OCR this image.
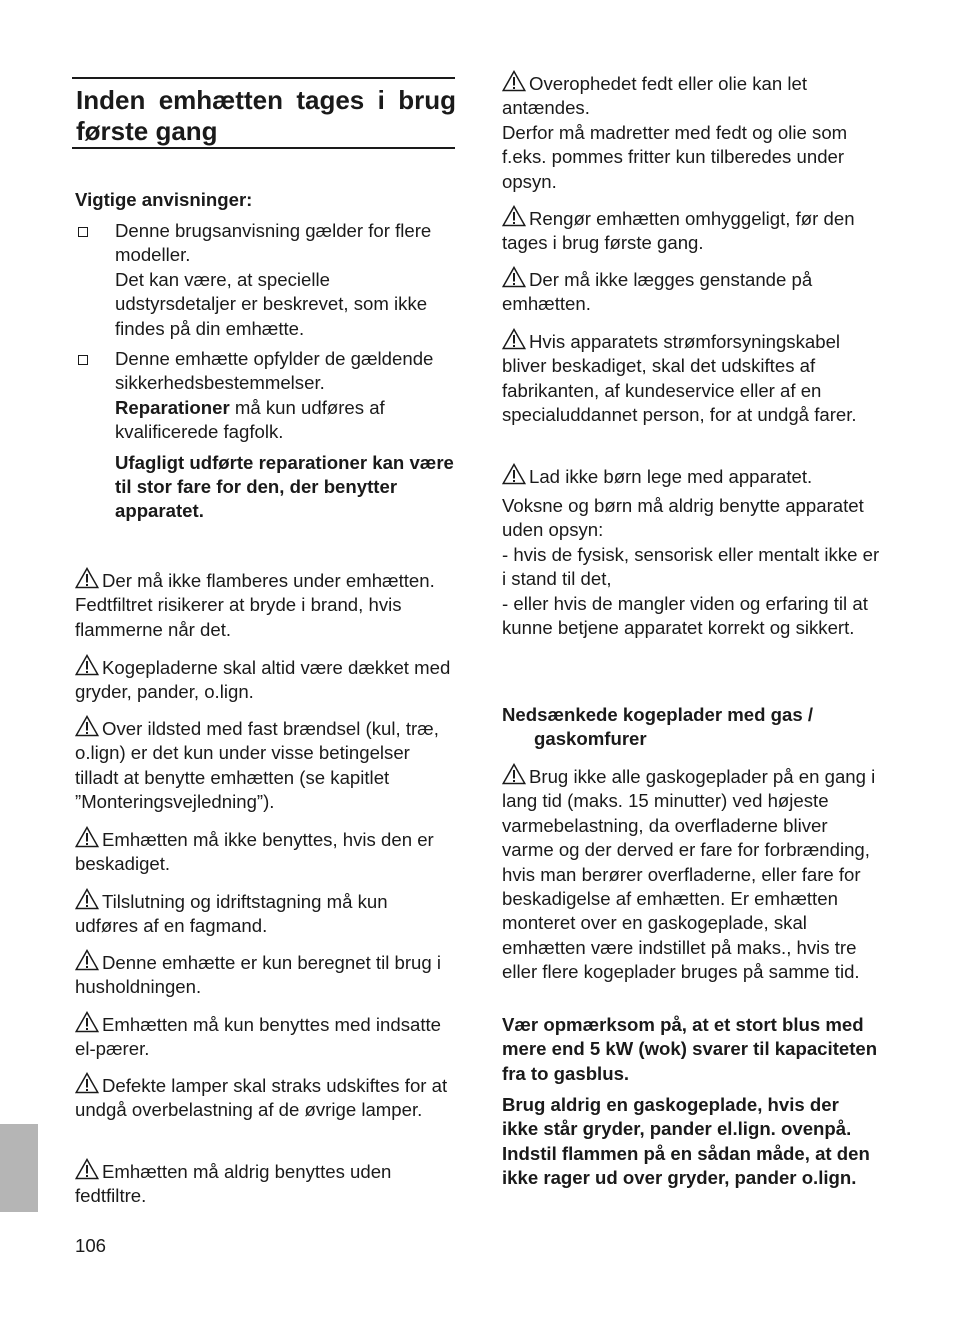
Inden emhætten tages i brug første gang
Vigtige anvisninger:
Denne brugsanvisning gælder for flere modeller.
Det kan være, at specielle udstyrsdetaljer er beskrevet, som ikke findes på din emhætte.
Denne emhætte opfylder de gældende sikkerhedsbestemmelser.
Reparationer må kun udføres af kvalificerede fagfolk.
Ufagligt udførte reparationer kan være til stor fare for den, der benytter apparatet.
Der må ikke flamberes under emhætten. Fedtfiltret risikerer at bryde i brand, hvis flammerne når det.
Kogepladerne skal altid være dækket med gryder, pander, o.lign.
Over ildsted med fast brændsel (kul, træ, o.lign) er det kun under visse betingelser tilladt at benytte emhætten (se kapitlet ”Monteringsvejledning”).
Emhætten må ikke benyttes, hvis den er beskadiget.
Tilslutning og idriftstagning må kun udføres af en fagmand.
Denne emhætte er kun beregnet til brug i husholdningen.
Emhætten må kun benyttes med indsatte el-pærer.
Defekte lamper skal straks udskiftes for at undgå overbelastning af de øvrige lamper.
Emhætten må aldrig benyttes uden fedtfiltre.
Overophedet fedt eller olie kan let antændes.
Derfor må madretter med fedt og olie som f.eks. pommes fritter kun tilberedes under opsyn.
Rengør emhætten omhyggeligt, før den tages i brug første gang.
Der må ikke lægges genstande på emhætten.
Hvis apparatets strømforsyningskabel bliver beskadiget, skal det udskiftes af fabrikanten, af kundeservice eller af en specialuddannet person, for at undgå farer.
Lad ikke børn lege med apparatet.
Voksne og børn må aldrig benytte apparatet uden opsyn:
- hvis de fysisk, sensorisk eller mentalt ikke er i stand til det,
- eller hvis de mangler viden og erfaring til at kunne betjene apparatet korrekt og sikkert.
Nedsænkede kogeplader med gas / gaskomfurer
Brug ikke alle gaskogeplader på en gang i lang tid (maks. 15 minutter) ved højeste varmebelastning, da overfladerne bliver varme og der derved er fare for forbrænding, hvis man berører overfladerne, eller fare for beskadigelse af emhætten. Er emhætten monteret over en gaskogeplade, skal emhætten være indstillet på maks., hvis tre eller flere kogeplader bruges på samme tid.
Vær opmærksom på, at et stort blus med mere end 5 kW (wok) svarer til kapaciteten fra to gasblus.
Brug aldrig en gaskogeplade, hvis der ikke står gryder, pander el.lign. ovenpå. Indstil flammen på en sådan måde, at den ikke rager ud over gryder, pander o.lign.
106
